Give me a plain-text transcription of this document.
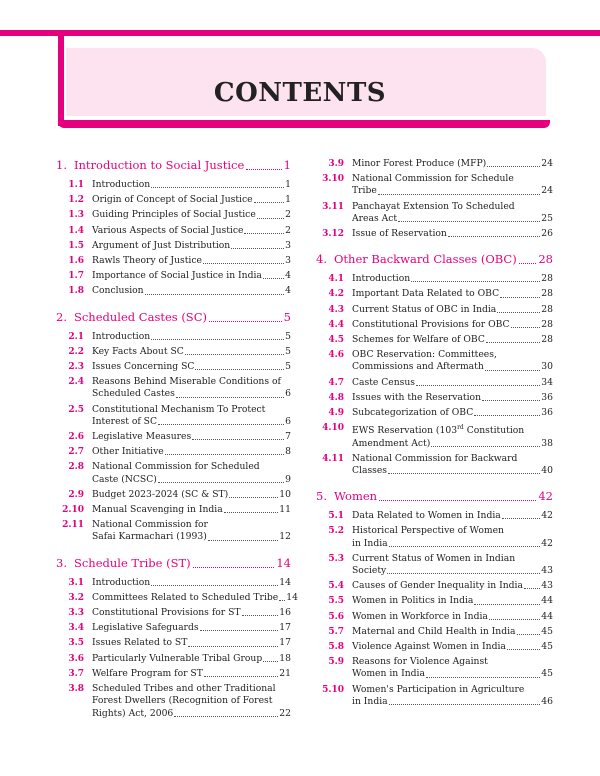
CONTENTS
1. Introduction to Social Justice	1
1.1 Introduction	1
1.2 Origin of Concept of Social Justice	1
1.3 Guiding Principles of Social Justice	2
1.4 Various Aspects of Social Justice	2
1.5 Argument of Just Distribution	3
1.6 Rawls Theory of Justice	3
1.7 Importance of Social Justice in India	4
1.8 Conclusion	4
2. Scheduled Castes (SC)	5
2.1 Introduction	5
2.2 Key Facts About SC	5
2.3 Issues Concerning SC	5
2.4 Reasons Behind Miserable Conditions of
Scheduled Castes	6
2.5 Constitutional Mechanism To Protect
Interest of SC	6
2.6 Legislative Measures	7
2.7 Other Initiative	8
2.8 National Commission for Scheduled
Caste (NCSC)	9
2.9 Budget 2023-2024 (SC & ST)	10
2.10 Manual Scavenging in India	11
2.11 National Commission for
Safai Karmachari (1993)	12
3. Schedule Tribe (ST)	14
3.1 Introduction	14
3.2 Committees Related to Scheduled Tribe 14
3.3 Constitutional Provisions for ST	16
3.4 Legislative Safeguards	17
3.5 Issues Related to ST	17
3.6 Particularly Vulnerable Tribal Group 18
3.7 Welfare Program for ST	21
3.8 Scheduled Tribes and other Traditional
Forest Dwellers (Recognition of Forest
Rights) Act, 2006	22
3.9 Minor Forest Produce (MFP)	24
3.10 National Commission for Schedule
Tribe	24
3.11 Panchayat Extension To Scheduled
Areas Act	25
3.12 Issue of Reservation	26
4. Other Backward Classes (OBC) 28
4.1 Introduction	28
4.2 Important Data Related to OBC	28
4.3 Current Status of OBC in India	28
4.4 Constitutional Provisions for OBC	28
4.5 Schemes for Welfare of OBC	28
4.6 OBC Reservation: Committees,
Commissions and Aftermath	30
4.7 Caste Census	34
4.8 Issues with the Reservation	36
4.9 Subcategorization of OBC	36
4.10 EWS Reservation (103rd Constitution
Amendment Act)	38
4.11 National Commission for Backward
Classes	40
5. Women	42
5.1 Data Related to Women in India	42
5.2 Historical Perspective of Women
in India	42
5.3 Current Status of Women in Indian
Society	43
5.4 Causes of Gender Inequality in India 43
5.5 Women in Politics in India	44
5.6 Women in Workforce in India	44
5.7 Maternal and Child Health in India	45
5.8 Violence Against Women in India	45
5.9 Reasons for Violence Against
Women in India	45
5.10 Women's Participation in Agriculture
in India	46
